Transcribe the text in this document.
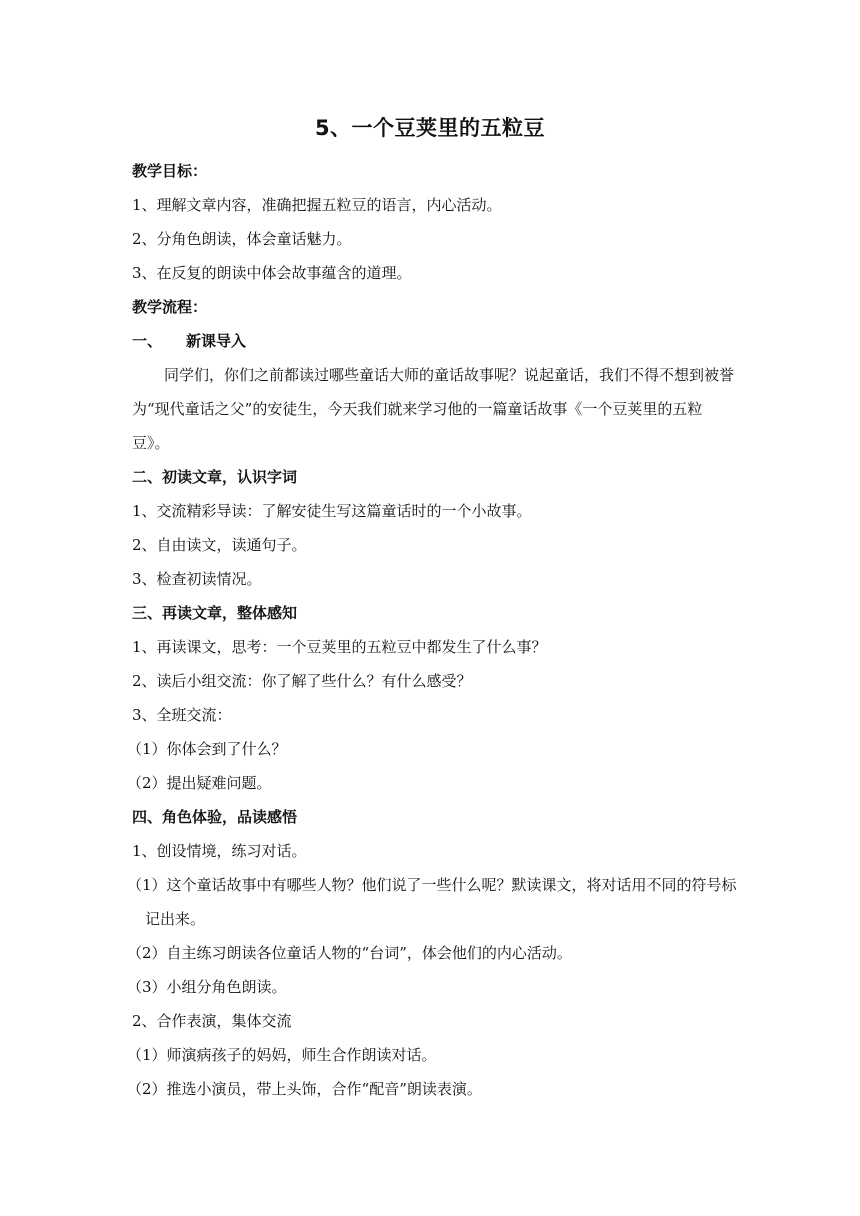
5、一个豆荚里的五粒豆
教学目标：
1、理解文章内容，准确把握五粒豆的语言，内心活动。
2、分角色朗读，体会童话魅力。
3、在反复的朗读中体会故事蕴含的道理。
教学流程：
一、 新课导入
同学们，你们之前都读过哪些童话大师的童话故事呢？说起童话，我们不得不想到被誉为“现代童话之父”的安徒生，今天我们就来学习他的一篇童话故事《一个豆荚里的五粒豆》。
二、初读文章，认识字词
1、交流精彩导读：了解安徒生写这篇童话时的一个小故事。
2、自由读文，读通句子。
3、检查初读情况。
三、再读文章，整体感知
1、再读课文，思考：一个豆荚里的五粒豆中都发生了什么事？
2、读后小组交流：你了解了些什么？有什么感受？
3、全班交流：
（1）你体会到了什么？
（2）提出疑难问题。
四、角色体验，品读感悟
1、创设情境，练习对话。
（1）这个童话故事中有哪些人物？他们说了一些什么呢？默读课文，将对话用不同的符号标记出来。
（2）自主练习朗读各位童话人物的“台词”，体会他们的内心活动。
（3）小组分角色朗读。
2、合作表演，集体交流
（1）师演病孩子的妈妈，师生合作朗读对话。
（2）推选小演员，带上头饰，合作“配音”朗读表演。
